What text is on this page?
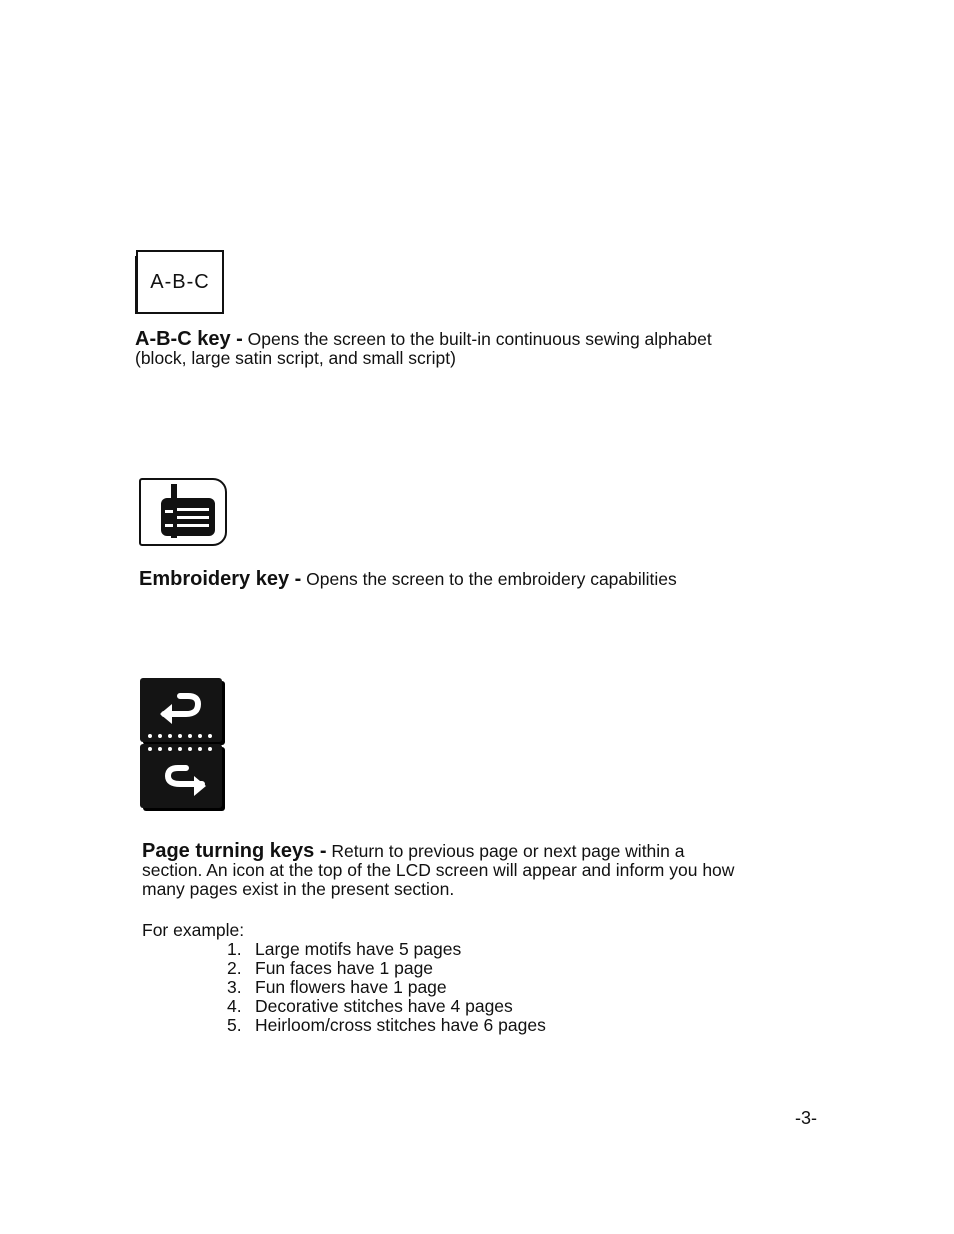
A-B-C
A-B-C key - Opens the screen to the built-in continuous sewing alphabet
(block, large satin script, and small script)
Embroidery key - Opens the screen to the embroidery capabilities
Page turning keys - Return to previous page or next page within a
section. An icon at the top of the LCD screen will appear and inform you how
many pages exist in the present section.
For example:
1. Large motifs have 5 pages
2. Fun faces have 1 page
3. Fun flowers have 1 page
4. Decorative stitches have 4 pages
5. Heirloom/cross stitches have 6 pages
-3-
